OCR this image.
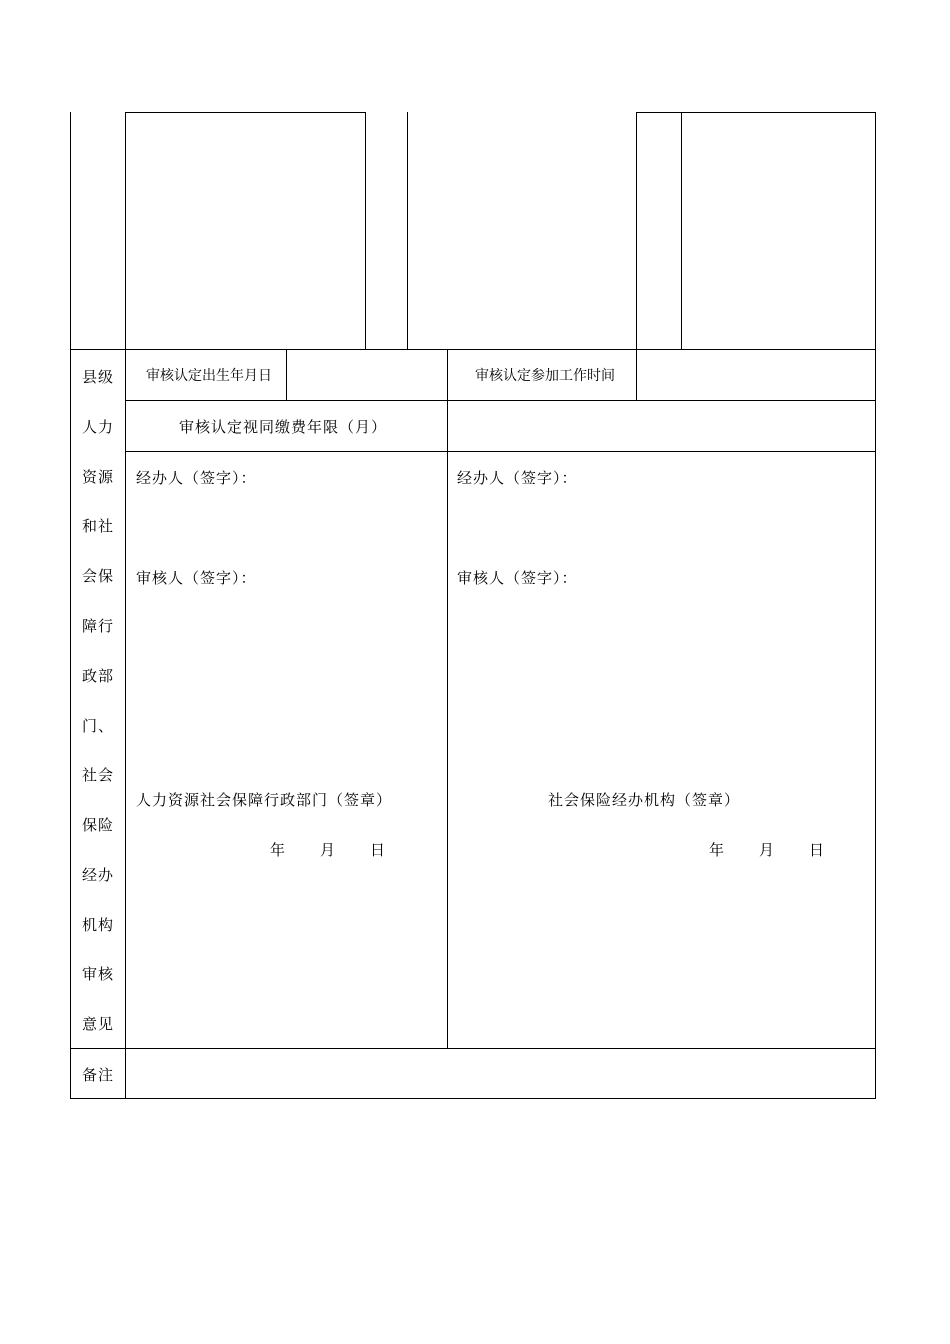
县级
人力
资源
和社
会保
障行
政部
门、
社会
保险
经办
机构
审核
意见
审核认定出生年月日	审核认定参加工作时间
审核认定视同缴费年限（月）
经办人（签字）：
审核人（签字）：
人力资源社会保障行政部门（签章）
年 月 日
经办人（签字）：
审核人（签字）：
社会保险经办机构（签章）
年 月 日
备注
